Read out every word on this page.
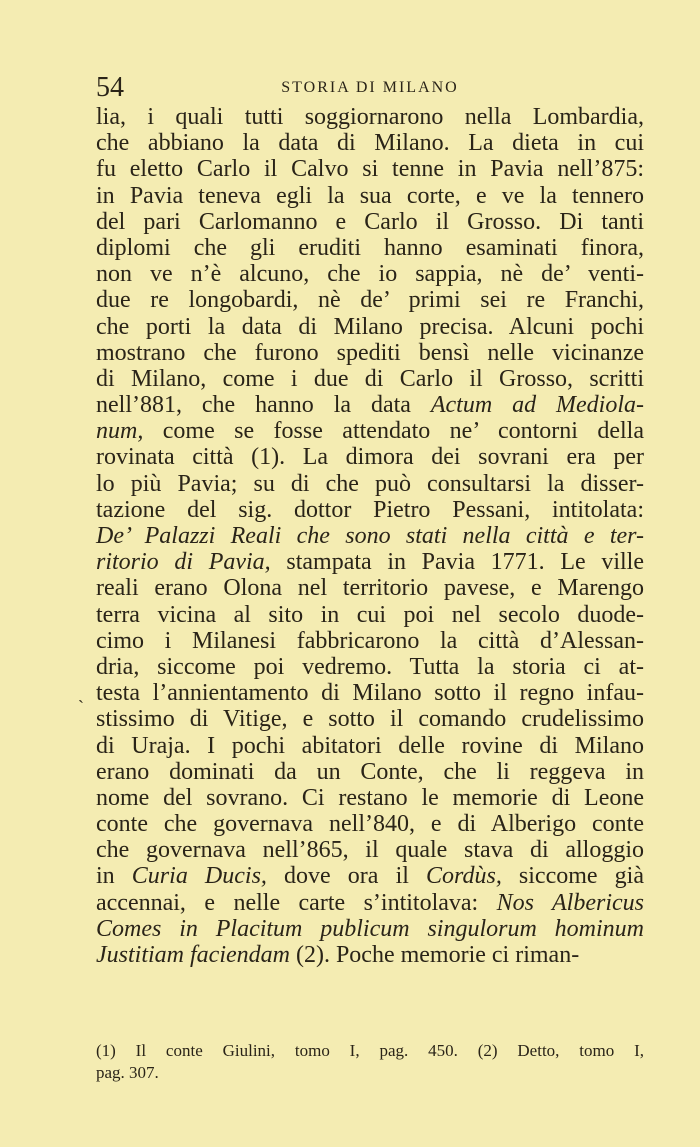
54	STORIA DI MILANO
lia, i quali tutti soggiornarono nella Lombardia,
che abbiano la data di Milano. La dieta in cui
fu eletto Carlo il Calvo si tenne in Pavia nell’875:
in Pavia teneva egli la sua corte, e ve la tennero
del pari Carlomanno e Carlo il Grosso. Di tanti
diplomi che gli eruditi hanno esaminati finora,
non ve n’è alcuno, che io sappia, nè de’ venti-
due re longobardi, nè de’ primi sei re Franchi,
che porti la data di Milano precisa. Alcuni pochi
mostrano che furono spediti bensì nelle vicinanze
di Milano, come i due di Carlo il Grosso, scritti
nell’881, che hanno la data Actum ad Mediola-
num, come se fosse attendato ne’ contorni della
rovinata città (1). La dimora dei sovrani era per
lo più Pavia; su di che può consultarsi la disser-
tazione del sig. dottor Pietro Pessani, intitolata:
De’ Palazzi Reali che sono stati nella città e ter-
ritorio di Pavia, stampata in Pavia 1771. Le ville
reali erano Olona nel territorio pavese, e Marengo
terra vicina al sito in cui poi nel secolo duode-
cimo i Milanesi fabbricarono la città d’Alessan-
dria, siccome poi vedremo. Tutta la storia ci at-
testa l’annientamento di Milano sotto il regno infau-
stissimo di Vitige, e sotto il comando crudelissimo
di Uraja. I pochi abitatori delle rovine di Milano
erano dominati da un Conte, che li reggeva in
nome del sovrano. Ci restano le memorie di Leone
conte che governava nell’840, e di Alberigo conte
che governava nell’865, il quale stava di alloggio
in Curia Ducis, dove ora il Cordùs, siccome già
accennai, e nelle carte s’intitolava: Nos Albericus
Comes in Placitum publicum singulorum hominum
Justitiam faciendam (2). Poche memorie ci riman-
`
(1) Il conte Giulini, tomo I, pag. 450. (2) Detto, tomo I,
pag. 307.
